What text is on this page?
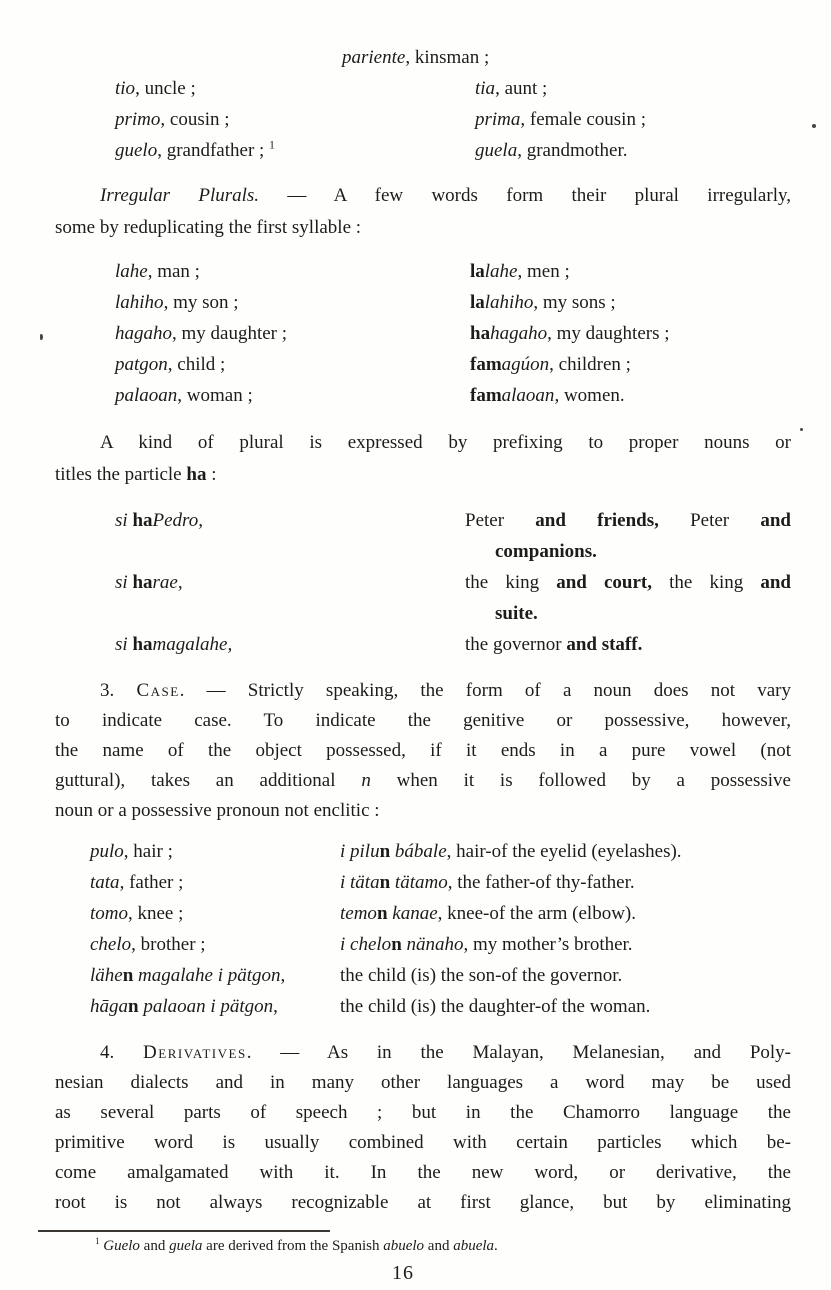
pariente, kinsman ;
tio, uncle ;	tia, aunt ;
primo, cousin ;	prima, female cousin ;
guelo, grandfather ; $^1$	guela, grandmother.
Irregular Plurals. — A few words form their plural irregularly,
some by reduplicating the first syllable :
lahe, man ;	lalahe, men ;
lahiho, my son ;	lalahiho, my sons ;
hagaho, my daughter ;	hahagaho, my daughters ;
patgon, child ;	famagúon, children ;
palaoan, woman ;	famalaoan, women.
A kind of plural is expressed by prefixing to proper nouns or
titles the particle ha :
si haPedro,	Peter and friends, Peter and
companions.
si harae,	the king and court, the king and
suite.
si hamagalahe,	the governor and staff.
3. Case. — Strictly speaking, the form of a noun does not vary
to indicate case. To indicate the genitive or possessive, however,
the name of the object possessed, if it ends in a pure vowel (not
guttural), takes an additional n when it is followed by a possessive
noun or a possessive pronoun not enclitic :
pulo, hair ;	i pilun bábale, hair-of the eyelid (eyelashes).
tata, father ;	i tätan tätamo, the father-of thy-father.
tomo, knee ;	temon kanae, knee-of the arm (elbow).
chelo, brother ;	i chelon nänaho, my mother’s brother.
lähen magalahe i pätgon,	the child (is) the son-of the governor.
hāgan palaoan i pätgon,	the child (is) the daughter-of the woman.
4. Derivatives. — As in the Malayan, Melanesian, and Poly-
nesian dialects and in many other languages a word may be used
as several parts of speech ; but in the Chamorro language the
primitive word is usually combined with certain particles which be-
come amalgamated with it. In the new word, or derivative, the
root is not always recognizable at first glance, but by eliminating
$^1$ Guelo and guela are derived from the Spanish abuelo and abuela.
16
